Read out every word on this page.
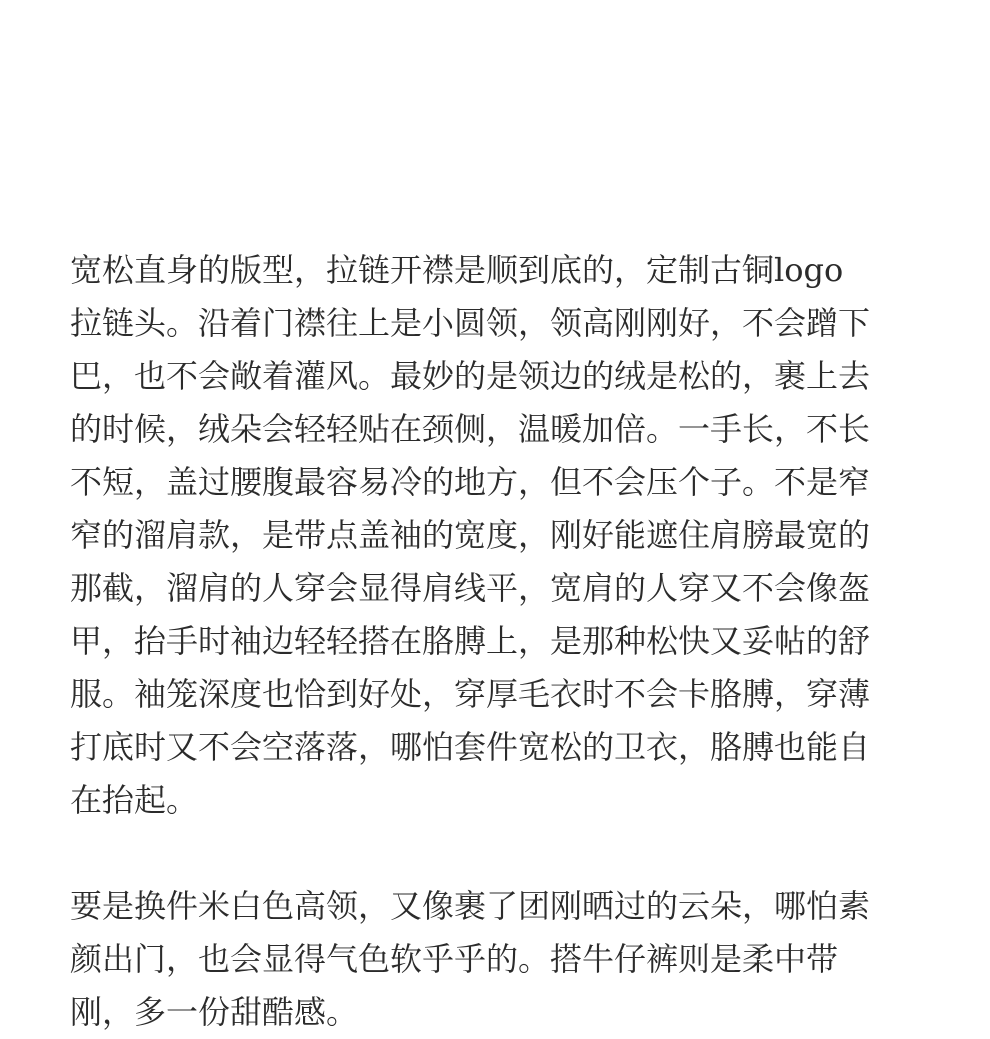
宽松直身的版型，拉链开襟是顺到底的，定制古铜logo
拉链头。沿着门襟往上是小圆领，领高刚刚好，不会蹭下
巴，也不会敞着灌风。最妙的是领边的绒是松的，裹上去
的时候，绒朵会轻轻贴在颈侧，温暖加倍。一手长，不长
不短，盖过腰腹最容易冷的地方，但不会压个子。不是窄
窄的溜肩款，是带点盖袖的宽度，刚好能遮住肩膀最宽的
那截，溜肩的人穿会显得肩线平，宽肩的人穿又不会像盔
甲，抬手时袖边轻轻搭在胳膊上，是那种松快又妥帖的舒
服。袖笼深度也恰到好处，穿厚毛衣时不会卡胳膊，穿薄
打底时又不会空落落，哪怕套件宽松的卫衣，胳膊也能自
在抬起。
要是换件米白色高领，又像裹了团刚晒过的云朵，哪怕素
颜出门，也会显得气色软乎乎的。搭牛仔裤则是柔中带
刚，多一份甜酷感。
